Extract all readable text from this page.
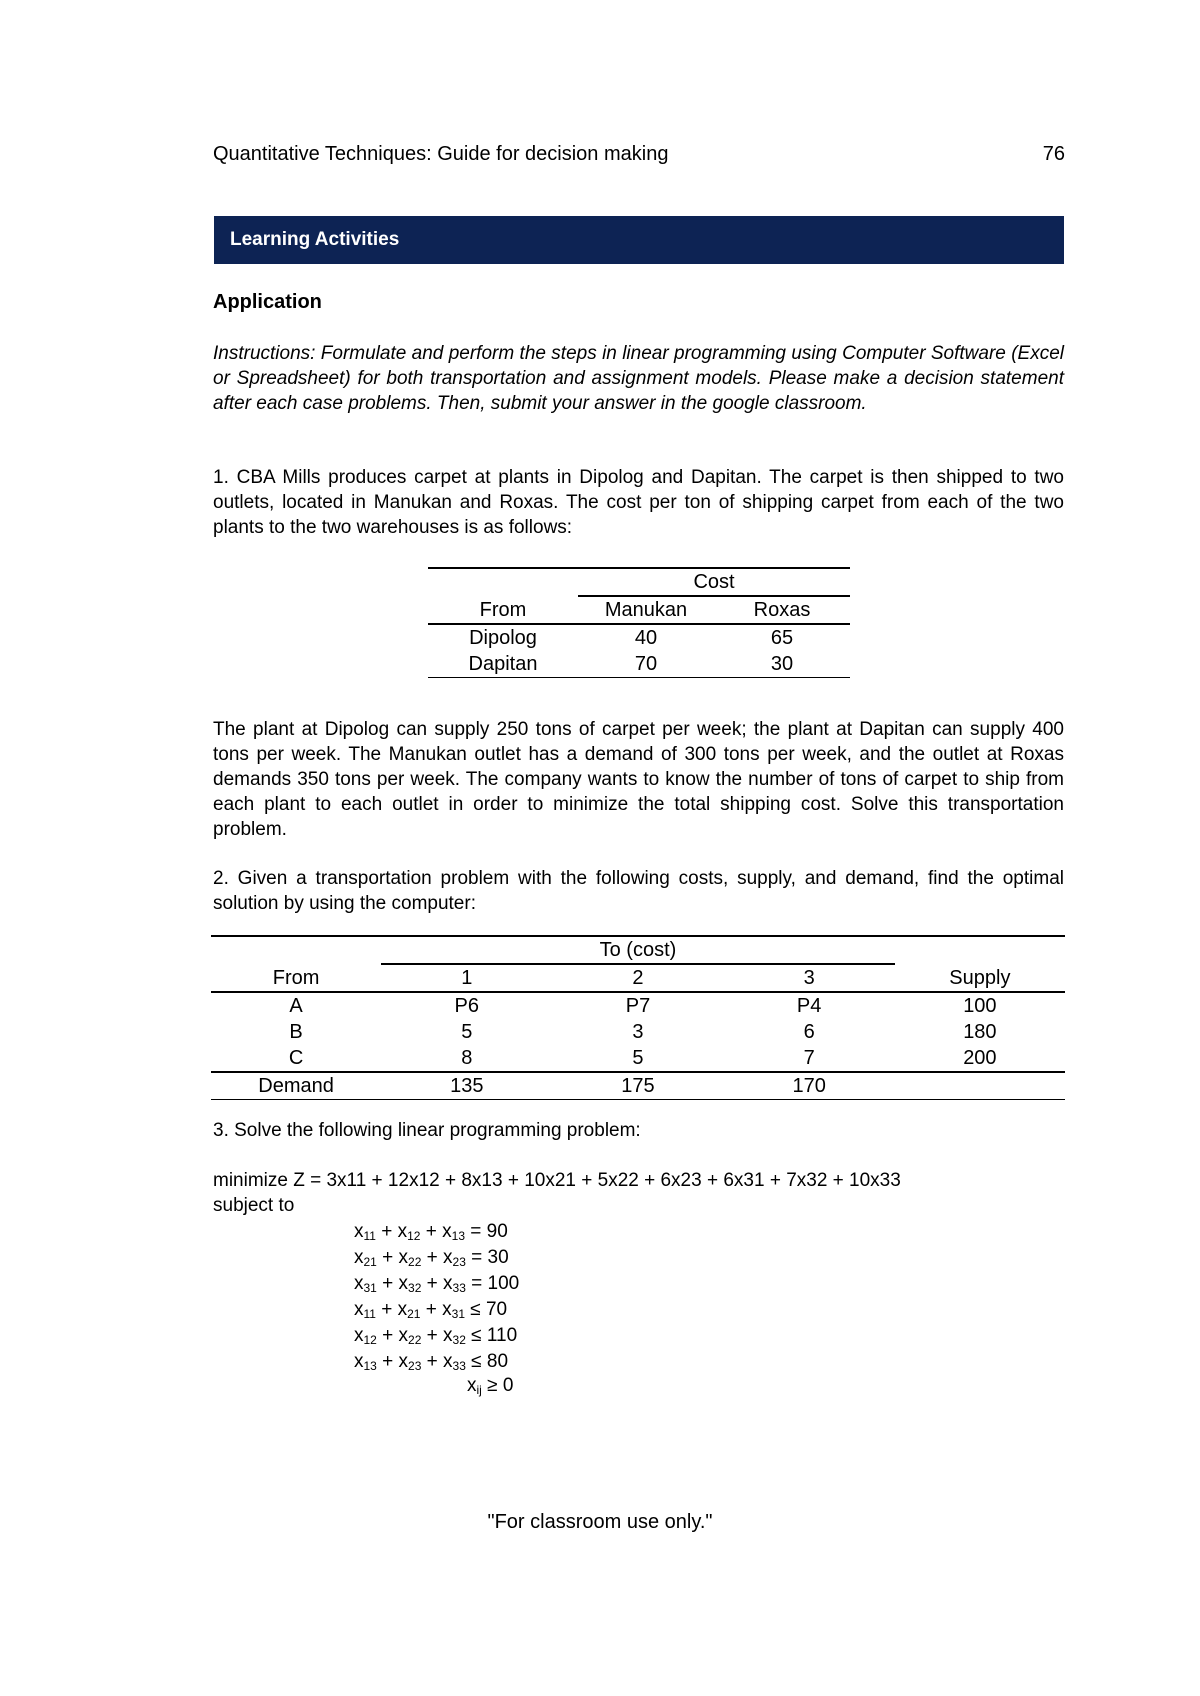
Quantitative Techniques: Guide for decision making	76
Learning Activities
Application
Instructions: Formulate and perform the steps in linear programming using Computer Software (Excel or Spreadsheet) for both transportation and assignment models. Please make a decision statement after each case problems. Then, submit your answer in the google classroom.
1. CBA Mills produces carpet at plants in Dipolog and Dapitan. The carpet is then shipped to two outlets, located in Manukan and Roxas. The cost per ton of shipping carpet from each of the two plants to the two warehouses is as follows:
	Cost	
From	Manukan	Roxas
Dipolog	40	65
Dapitan	70	30
The plant at Dipolog can supply 250 tons of carpet per week; the plant at Dapitan can supply 400 tons per week. The Manukan outlet has a demand of 300 tons per week, and the outlet at Roxas demands 350 tons per week. The company wants to know the number of tons of carpet to ship from each plant to each outlet in order to minimize the total shipping cost. Solve this transportation problem.
2. Given a transportation problem with the following costs, supply, and demand, find the optimal solution by using the computer:
	To (cost)			
From	1	2	3	Supply
A	P6	P7	P4	100
B	5	3	6	180
C	8	5	7	200
Demand	135	175	170	
3. Solve the following linear programming problem:
minimize Z = 3x11 + 12x12 + 8x13 + 10x21 + 5x22 + 6x23 + 6x31 + 7x32 + 10x33
subject to
$x_{11} + x_{12} + x_{13} = 90$
$x_{21} + x_{22} + x_{23} = 30$
$x_{31} + x_{32} + x_{33} = 100$
$x_{11} + x_{21} + x_{31} \le 70$
$x_{12} + x_{22} + x_{32} \le 110$
$x_{13} + x_{23} + x_{33} \le 80$
$x_{ij} \ge 0$
"For classroom use only."
